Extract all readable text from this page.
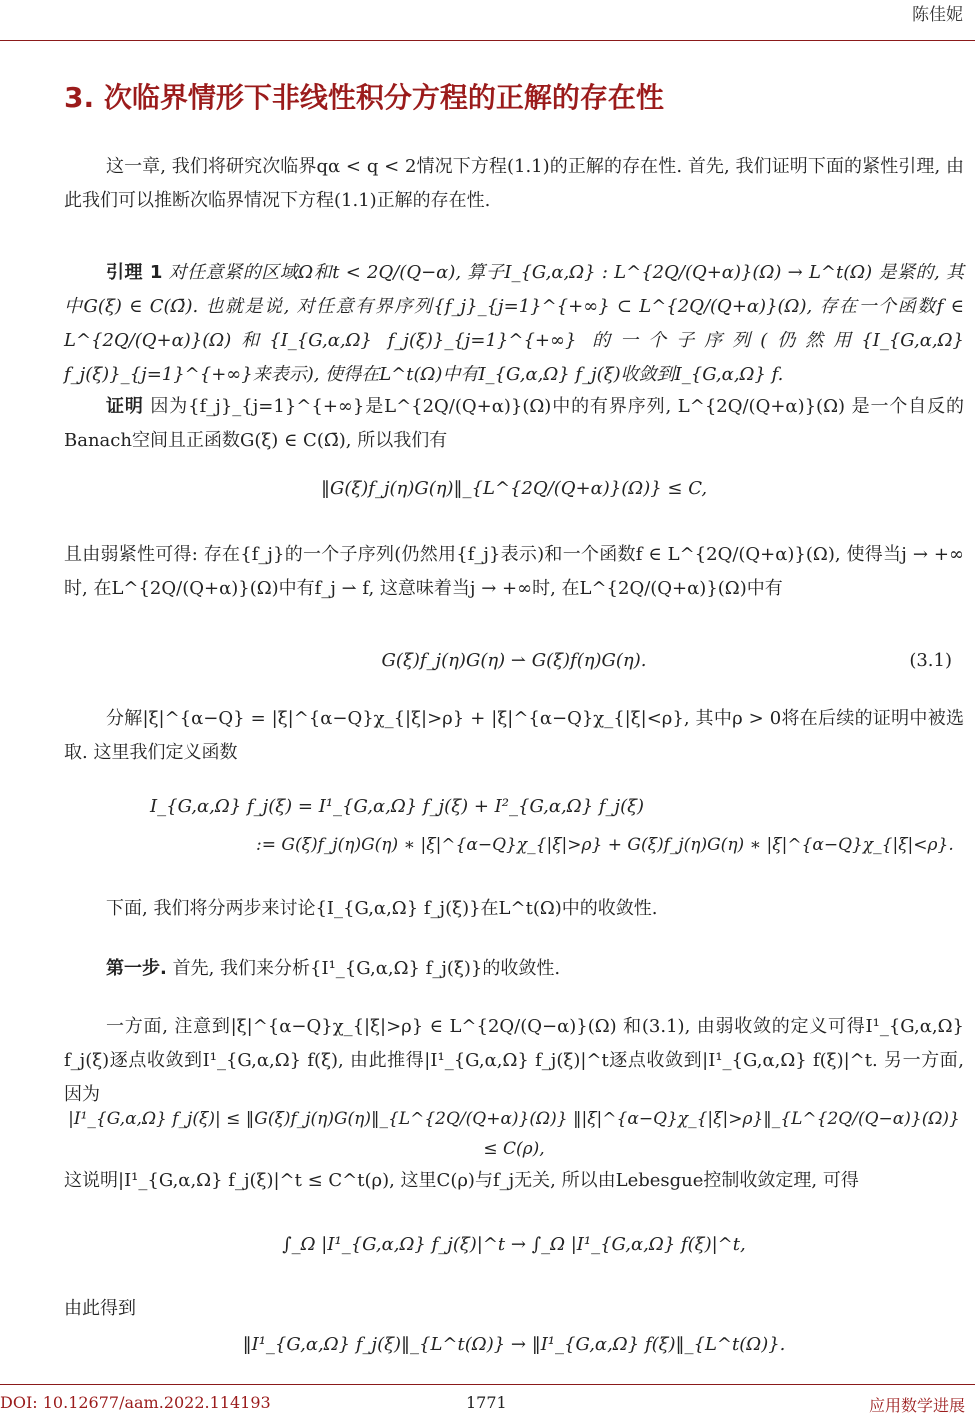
陈佳妮
3. 次临界情形下非线性积分方程的正解的存在性
这一章, 我们将研究次临界qα < q < 2情况下方程(1.1)的正解的存在性. 首先, 我们证明下面的紧性引理, 由此我们可以推断次临界情况下方程(1.1)正解的存在性.
引理 1 对任意紧的区域Ω和t < 2Q/(Q−α), 算子I_{G,α,Ω} : L^{2Q/(Q+α)}(Ω) → L^t(Ω) 是紧的, 其中G(ξ) ∈ C(Ω̄). 也就是说, 对任意有界序列{f_j}_{j=1}^{+∞} ⊂ L^{2Q/(Q+α)}(Ω), 存在一个函数f ∈ L^{2Q/(Q+α)}(Ω)和{I_{G,α,Ω} f_j(ξ)}_{j=1}^{+∞} 的一个子序列(仍然用{I_{G,α,Ω} f_j(ξ)}_{j=1}^{+∞}来表示), 使得在L^t(Ω)中有I_{G,α,Ω} f_j(ξ)收敛到I_{G,α,Ω} f.
证明 因为{f_j}_{j=1}^{+∞}是L^{2Q/(Q+α)}(Ω)中的有界序列, L^{2Q/(Q+α)}(Ω) 是一个自反的Banach空间且正函数G(ξ) ∈ C(Ω̄), 所以我们有
‖G(ξ)f_j(η)G(η)‖_{L^{2Q/(Q+α)}(Ω)} ≤ C,
且由弱紧性可得: 存在{f_j}的一个子序列(仍然用{f_j}表示)和一个函数f ∈ L^{2Q/(Q+α)}(Ω), 使得当j → +∞ 时, 在L^{2Q/(Q+α)}(Ω)中有f_j ⇀ f, 这意味着当j → +∞时, 在L^{2Q/(Q+α)}(Ω)中有
G(ξ)f_j(η)G(η) ⇀ G(ξ)f(η)G(η).	(3.1)
分解|ξ|^{α−Q} = |ξ|^{α−Q}χ_{|ξ|>ρ} + |ξ|^{α−Q}χ_{|ξ|<ρ}, 其中ρ > 0将在后续的证明中被选取. 这里我们定义函数
I_{G,α,Ω} f_j(ξ) = I¹_{G,α,Ω} f_j(ξ) + I²_{G,α,Ω} f_j(ξ)
:= G(ξ)f_j(η)G(η) ∗ |ξ|^{α−Q}χ_{|ξ|>ρ} + G(ξ)f_j(η)G(η) ∗ |ξ|^{α−Q}χ_{|ξ|<ρ}.
下面, 我们将分两步来讨论{I_{G,α,Ω} f_j(ξ)}在L^t(Ω)中的收敛性.
第一步. 首先, 我们来分析{I¹_{G,α,Ω} f_j(ξ)}的收敛性.
一方面, 注意到|ξ|^{α−Q}χ_{|ξ|>ρ} ∈ L^{2Q/(Q−α)}(Ω) 和(3.1), 由弱收敛的定义可得I¹_{G,α,Ω} f_j(ξ)逐点收敛到I¹_{G,α,Ω} f(ξ), 由此推得|I¹_{G,α,Ω} f_j(ξ)|^t逐点收敛到|I¹_{G,α,Ω} f(ξ)|^t. 另一方面, 因为
|I¹_{G,α,Ω} f_j(ξ)| ≤ ‖G(ξ)f_j(η)G(η)‖_{L^{2Q/(Q+α)}(Ω)} ‖|ξ|^{α−Q}χ_{|ξ|>ρ}‖_{L^{2Q/(Q−α)}(Ω)} ≤ C(ρ),
这说明|I¹_{G,α,Ω} f_j(ξ)|^t ≤ C^t(ρ), 这里C(ρ)与f_j无关, 所以由Lebesgue控制收敛定理, 可得
∫_Ω |I¹_{G,α,Ω} f_j(ξ)|^t → ∫_Ω |I¹_{G,α,Ω} f(ξ)|^t,
由此得到
‖I¹_{G,α,Ω} f_j(ξ)‖_{L^t(Ω)} → ‖I¹_{G,α,Ω} f(ξ)‖_{L^t(Ω)}.
DOI: 10.12677/aam.2022.114193	1771	应用数学进展
